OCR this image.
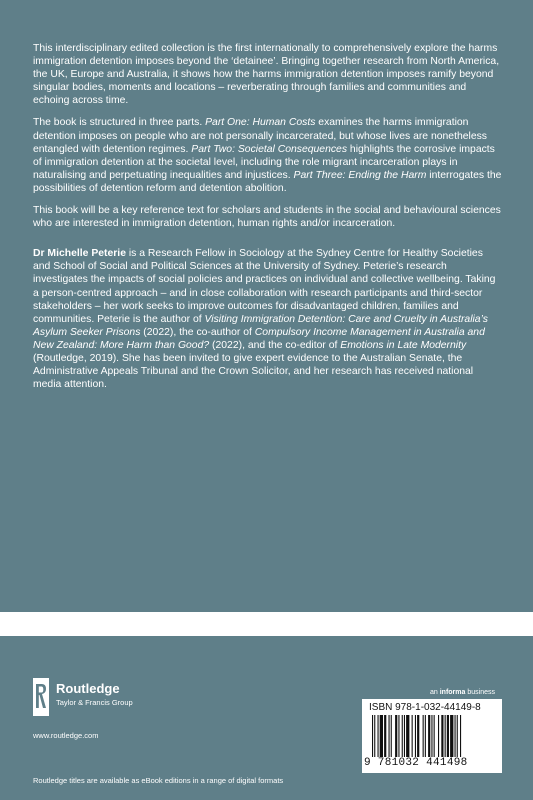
This interdisciplinary edited collection is the first internationally to comprehensively explore the harms immigration detention imposes beyond the ‘detainee’. Bringing together research from North America, the UK, Europe and Australia, it shows how the harms immigration detention imposes ramify beyond singular bodies, moments and locations – reverberating through families and communities and echoing across time.

The book is structured in three parts. Part One: Human Costs examines the harms immigration detention imposes on people who are not personally incarcerated, but whose lives are nonetheless entangled with detention regimes. Part Two: Societal Consequences highlights the corrosive impacts of immigration detention at the societal level, including the role migrant incarceration plays in naturalising and perpetuating inequalities and injustices. Part Three: Ending the Harm interrogates the possibilities of detention reform and detention abolition.

This book will be a key reference text for scholars and students in the social and behavioural sciences who are interested in immigration detention, human rights and/or incarceration.

Dr Michelle Peterie is a Research Fellow in Sociology at the Sydney Centre for Healthy Societies and School of Social and Political Sciences at the University of Sydney. Peterie’s research investigates the impacts of social policies and practices on individual and collective wellbeing. Taking a person-centred approach – and in close collaboration with research participants and third-sector stakeholders – her work seeks to improve outcomes for disadvantaged children, families and communities. Peterie is the author of Visiting Immigration Detention: Care and Cruelty in Australia’s Asylum Seeker Prisons (2022), the co-author of Compulsory Income Management in Australia and New Zealand: More Harm than Good? (2022), and the co-editor of Emotions in Late Modernity (Routledge, 2019). She has been invited to give expert evidence to the Australian Senate, the Administrative Appeals Tribunal and the Crown Solicitor, and her research has received national media attention.

Routledge
Taylor & Francis Group
www.routledge.com
Routledge titles are available as eBook editions in a range of digital formats
an informa business
ISBN 978-1-032-44149-8
9 781032 441498
